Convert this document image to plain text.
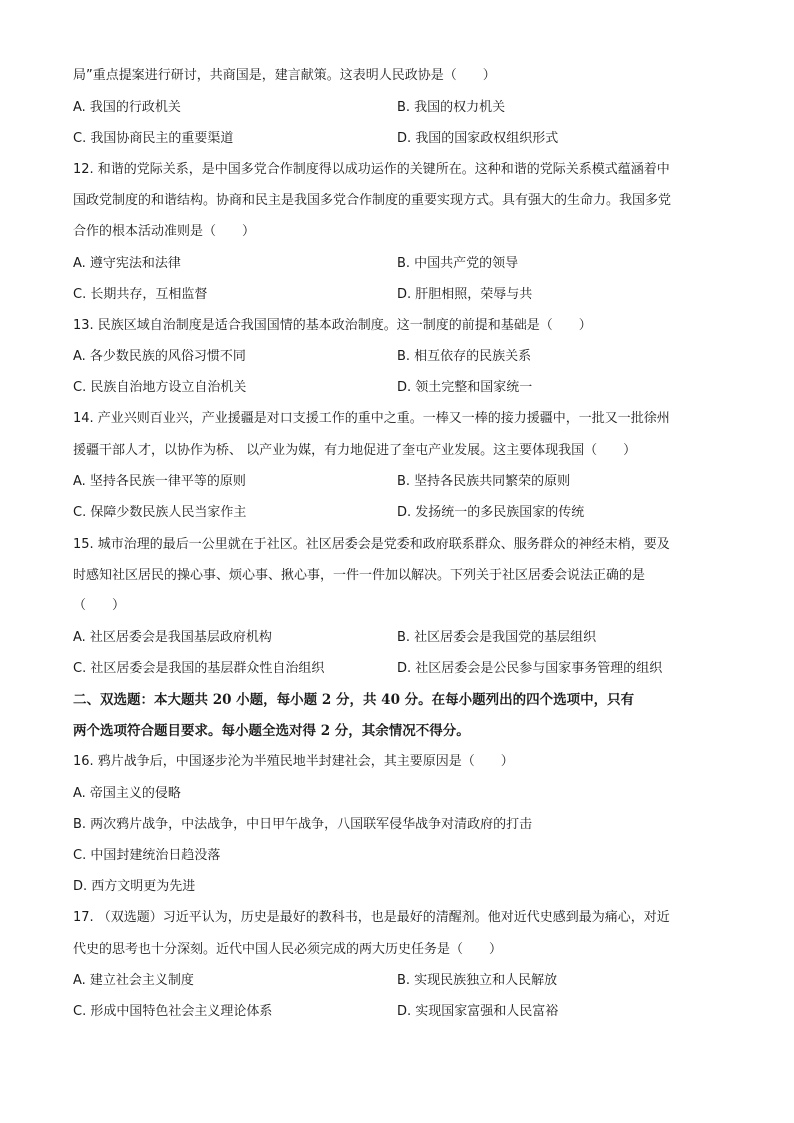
局”重点提案进行研讨，共商国是，建言献策。这表明人民政协是（　　）
A. 我国的行政机关	B. 我国的权力机关
C. 我国协商民主的重要渠道	D. 我国的国家政权组织形式
12. 和谐的党际关系，是中国多党合作制度得以成功运作的关键所在。这种和谐的党际关系模式蕴涵着中
国政党制度的和谐结构。协商和民主是我国多党合作制度的重要实现方式。具有强大的生命力。我国多党
合作的根本活动准则是（　　）
A. 遵守宪法和法律	B. 中国共产党的领导
C. 长期共存，互相监督	D. 肝胆相照，荣辱与共
13. 民族区域自治制度是适合我国国情的基本政治制度。这一制度的前提和基础是（　　）
A. 各少数民族的风俗习惯不同	B. 相互依存的民族关系
C. 民族自治地方设立自治机关	D. 领土完整和国家统一
14. 产业兴则百业兴，产业援疆是对口支援工作的重中之重。一棒又一棒的接力援疆中，一批又一批徐州
援疆干部人才，以协作为桥、 以产业为媒，有力地促进了奎屯产业发展。这主要体现我国（　　）
A. 坚持各民族一律平等的原则	B. 坚持各民族共同繁荣的原则
C. 保障少数民族人民当家作主	D. 发扬统一的多民族国家的传统
15. 城市治理的最后一公里就在于社区。社区居委会是党委和政府联系群众、服务群众的神经末梢，要及
时感知社区居民的操心事、烦心事、揪心事，一件一件加以解决。下列关于社区居委会说法正确的是
（　　）
A. 社区居委会是我国基层政府机构	B. 社区居委会是我国党的基层组织
C. 社区居委会是我国的基层群众性自治组织	D. 社区居委会是公民参与国家事务管理的组织
二、双选题：本大题共 20 小题，每小题 2 分，共 40 分。在每小题列出的四个选项中，只有
两个选项符合题目要求。每小题全选对得 2 分，其余情况不得分。
16. 鸦片战争后，中国逐步沦为半殖民地半封建社会，其主要原因是（　　）
A. 帝国主义的侵略
B. 两次鸦片战争，中法战争，中日甲午战争，八国联军侵华战争对清政府的打击
C. 中国封建统治日趋没落
D. 西方文明更为先进
17. （双选题）习近平认为，历史是最好的教科书，也是最好的清醒剂。他对近代史感到最为痛心，对近
代史的思考也十分深刻。近代中国人民必须完成的两大历史任务是（　　）
A. 建立社会主义制度	B. 实现民族独立和人民解放
C. 形成中国特色社会主义理论体系	D. 实现国家富强和人民富裕
